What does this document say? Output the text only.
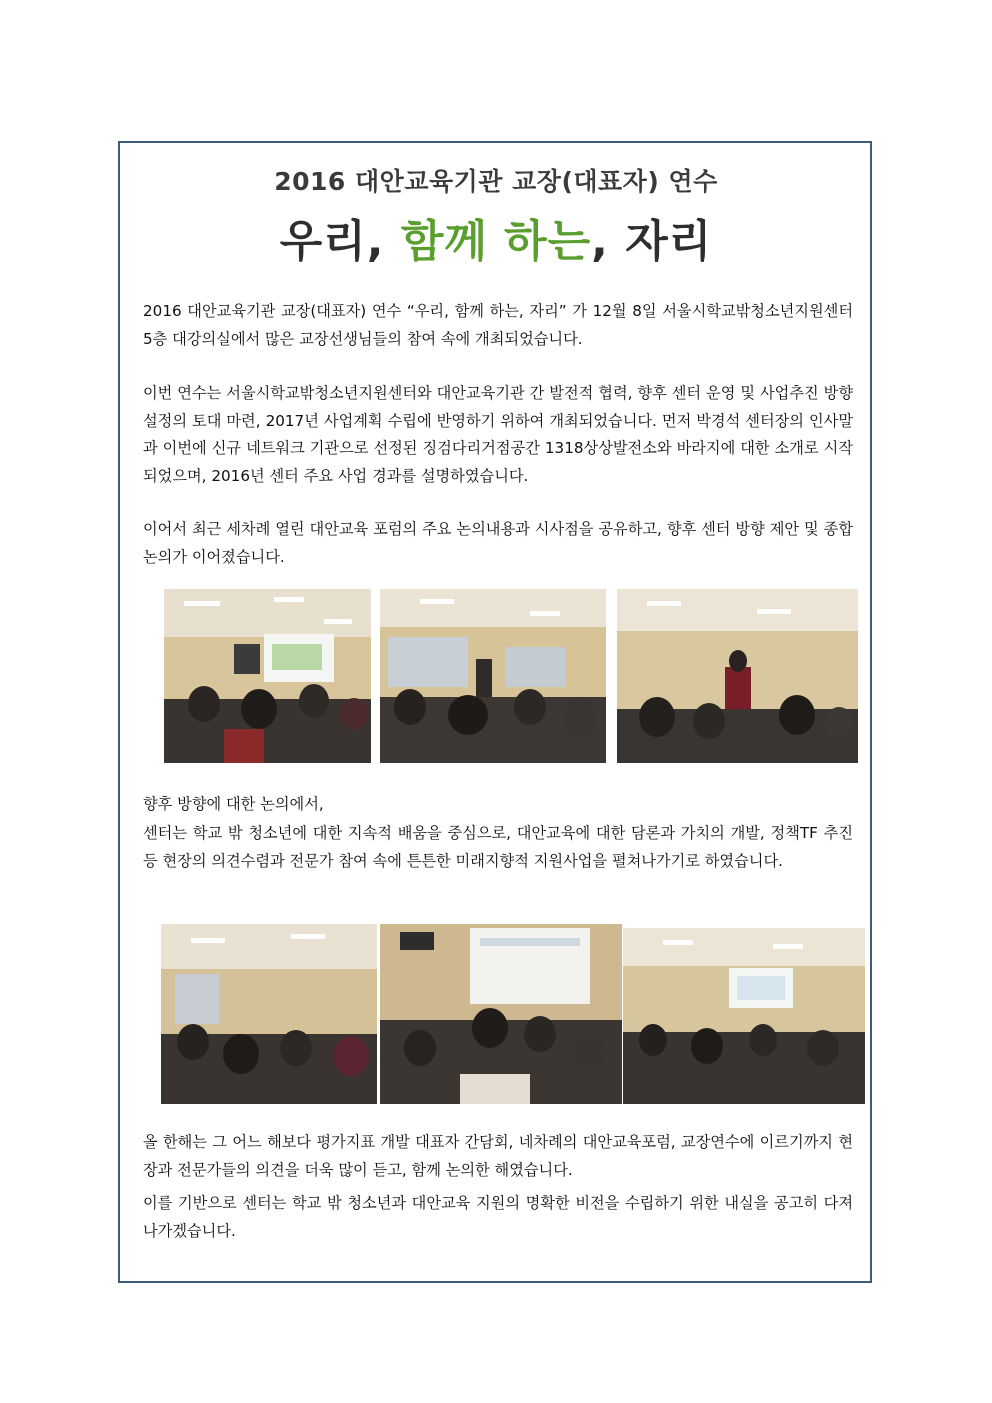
2016 대안교육기관 교장(대표자) 연수
우리, 함께 하는, 자리

2016 대안교육기관 교장(대표자) 연수 “우리, 함께 하는, 자리” 가 12월 8일 서울시학교밖청소년지원센터 5층 대강의실에서 많은 교장선생님들의 참여 속에 개최되었습니다.

이번 연수는 서울시학교밖청소년지원센터와 대안교육기관 간 발전적 협력, 향후 센터 운영 및 사업추진 방향 설정의 토대 마련, 2017년 사업계획 수립에 반영하기 위하여 개최되었습니다. 먼저 박경석 센터장의 인사말과 이번에 신규 네트워크 기관으로 선정된 징검다리거점공간 1318상상발전소와 바라지에 대한 소개로 시작되었으며, 2016년 센터 주요 사업 경과를 설명하였습니다.

이어서 최근 세차례 열린 대안교육 포럼의 주요 논의내용과 시사점을 공유하고, 향후 센터 방향 제안 및 종합논의가 이어졌습니다.

향후 방향에 대한 논의에서,

센터는 학교 밖 청소년에 대한 지속적 배움을 중심으로, 대안교육에 대한 담론과 가치의 개발, 정책TF 추진 등 현장의 의견수렴과 전문가 참여 속에 튼튼한 미래지향적 지원사업을 펼쳐나가기로 하였습니다.

올 한해는 그 어느 해보다 평가지표 개발 대표자 간담회, 네차례의 대안교육포럼, 교장연수에 이르기까지 현장과 전문가들의 의견을 더욱 많이 듣고, 함께 논의한 해였습니다.

이를 기반으로 센터는 학교 밖 청소년과 대안교육 지원의 명확한 비전을 수립하기 위한 내실을 공고히 다져나가겠습니다.
